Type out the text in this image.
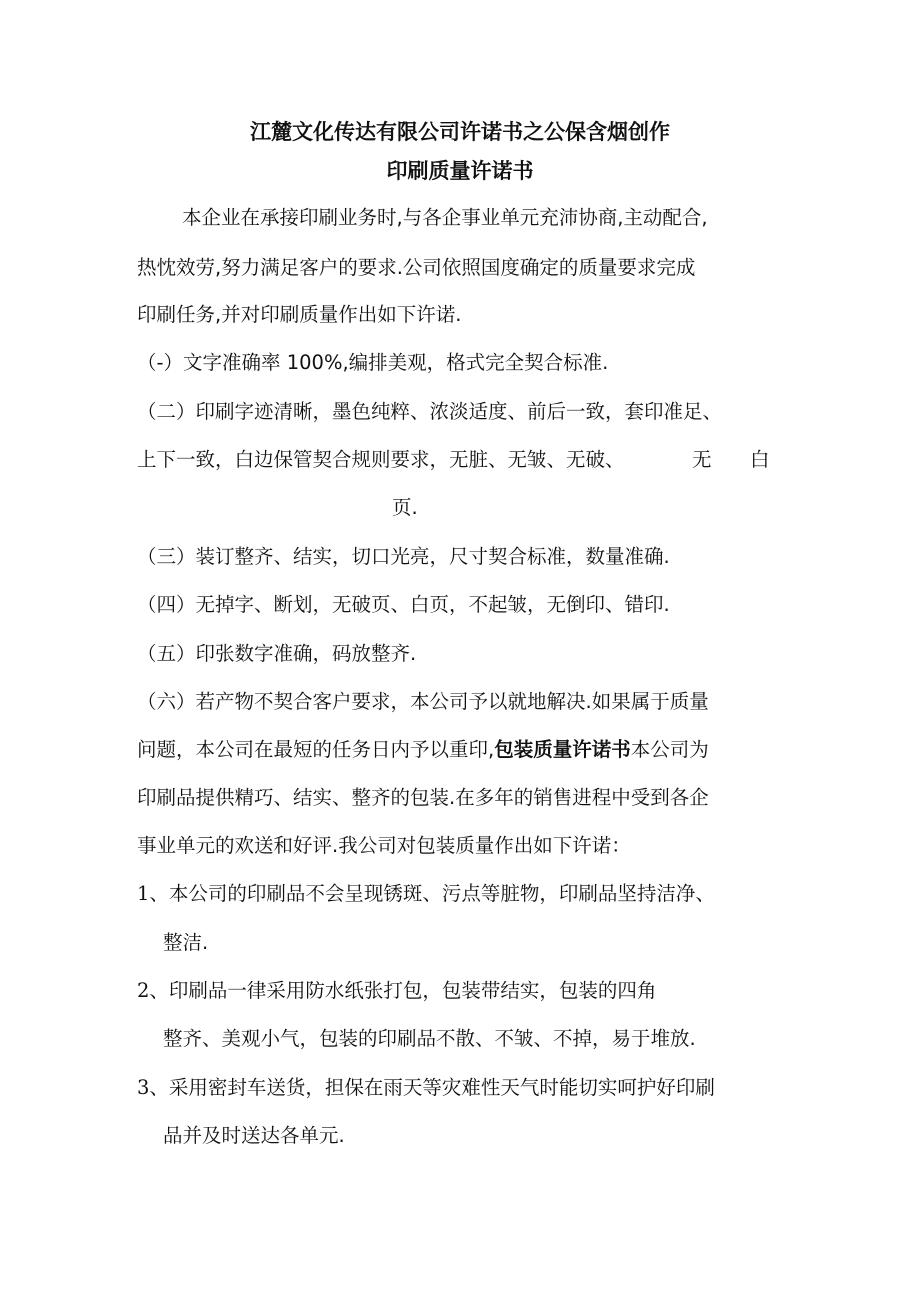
江麓文化传达有限公司许诺书之公保含烟创作
印刷质量许诺书
本企业在承接印刷业务时,与各企事业单元充沛协商,主动配合,
热忱效劳,努力满足客户的要求.公司依照国度确定的质量要求完成
印刷任务,并对印刷质量作出如下许诺.
（-）文字准确率 100%,编排美观，格式完全契合标准.
（二）印刷字迹清晰，墨色纯粹、浓淡适度、前后一致，套印准足、
上下一致，白边保管契合规则要求，无脏、无皱、无破、	无 白
页.
（三）装订整齐、结实，切口光亮，尺寸契合标准，数量准确.
（四）无掉字、断划，无破页、白页，不起皱，无倒印、错印.
（五）印张数字准确，码放整齐.
（六）若产物不契合客户要求，本公司予以就地解决.如果属于质量
问题，本公司在最短的任务日内予以重印,包装质量许诺书本公司为
印刷品提供精巧、结实、整齐的包装.在多年的销售进程中受到各企
事业单元的欢送和好评.我公司对包装质量作出如下许诺：
1、本公司的印刷品不会呈现锈斑、污点等脏物，印刷品坚持洁净、
整洁.
2、印刷品一律采用防水纸张打包，包装带结实，包装的四角
整齐、美观小气，包装的印刷品不散、不皱、不掉，易于堆放.
3、采用密封车送货，担保在雨天等灾难性天气时能切实呵护好印刷
品并及时送达各单元.
